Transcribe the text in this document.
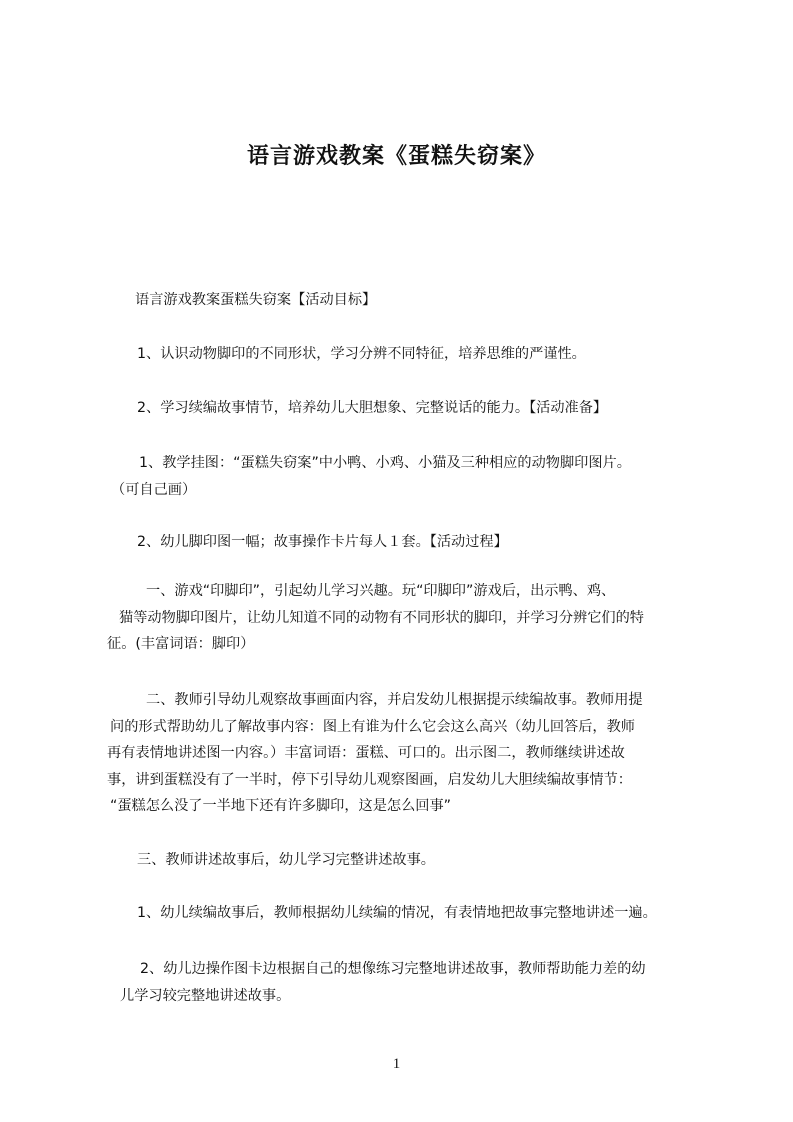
语言游戏教案《蛋糕失窃案》
语言游戏教案蛋糕失窃案【活动目标】
1、认识动物脚印的不同形状，学习分辨不同特征，培养思维的严谨性。
2、学习续编故事情节，培养幼儿大胆想象、完整说话的能力。【活动准备】
1、教学挂图：“蛋糕失窃案”中小鸭、小鸡、小猫及三种相应的动物脚印图片。
（可自己画）
2、幼儿脚印图一幅；故事操作卡片每人１套。【活动过程】
一、游戏“印脚印”，引起幼儿学习兴趣。玩“印脚印”游戏后，出示鸭、鸡、
猫等动物脚印图片，让幼儿知道不同的动物有不同形状的脚印，并学习分辨它们的特
征。(丰富词语：脚印）
二、教师引导幼儿观察故事画面内容，并启发幼儿根据提示续编故事。教师用提
问的形式帮助幼儿了解故事内容：图上有谁为什么它会这么高兴（幼儿回答后，教师
再有表情地讲述图一内容。）丰富词语：蛋糕、可口的。出示图二，教师继续讲述故
事，讲到蛋糕没有了一半时，停下引导幼儿观察图画，启发幼儿大胆续编故事情节：
“蛋糕怎么没了一半地下还有许多脚印，这是怎么回事”
三、教师讲述故事后，幼儿学习完整讲述故事。
1、幼儿续编故事后，教师根据幼儿续编的情况，有表情地把故事完整地讲述一遍。
2、幼儿边操作图卡边根据自己的想像练习完整地讲述故事，教师帮助能力差的幼
儿学习较完整地讲述故事。
1
